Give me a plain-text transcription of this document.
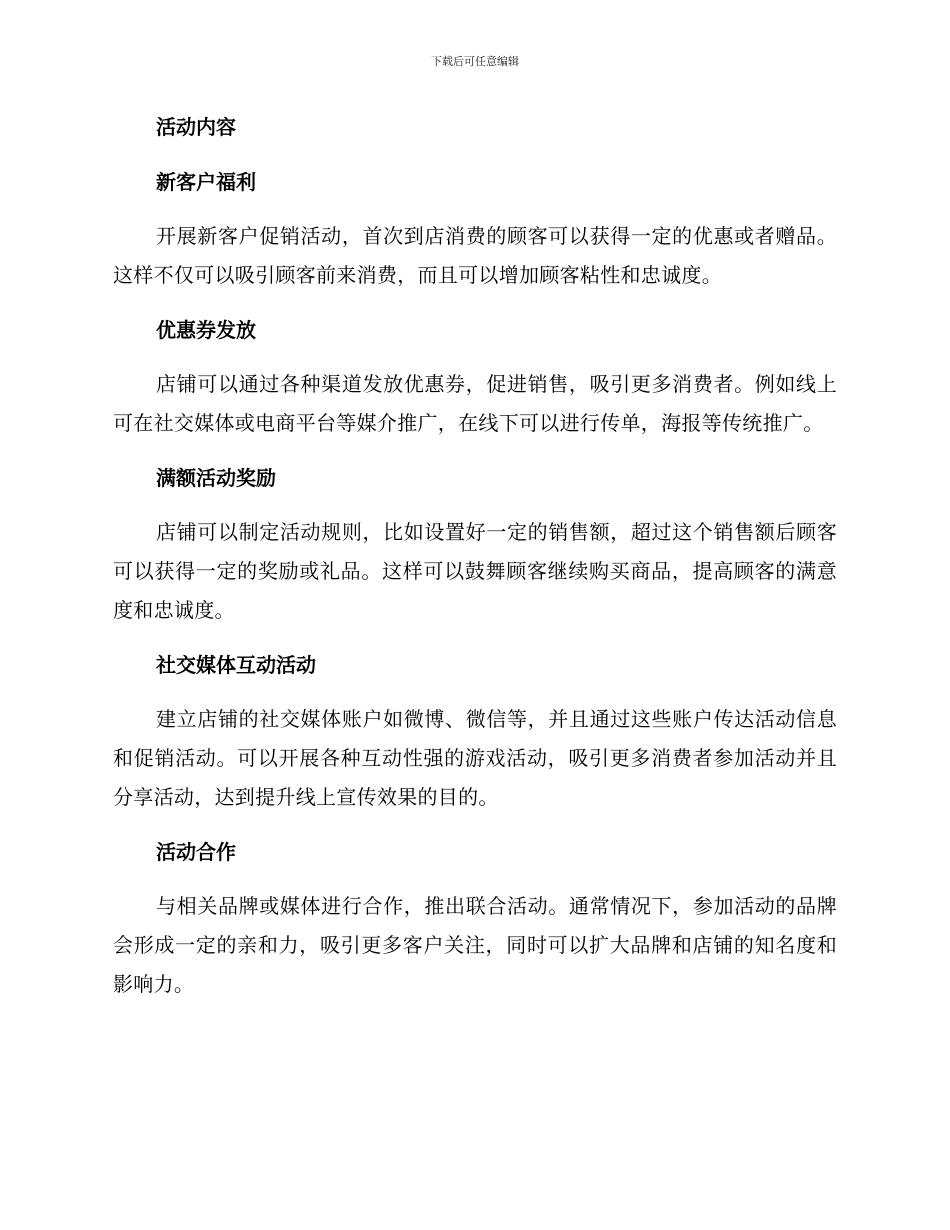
下载后可任意编辑
活动内容
新客户福利

开展新客户促销活动，首次到店消费的顾客可以获得一定的优惠或者赠品。这样不仅可以吸引顾客前来消费，而且可以增加顾客粘性和忠诚度。

优惠券发放

店铺可以通过各种渠道发放优惠券，促进销售，吸引更多消费者。例如线上可在社交媒体或电商平台等媒介推广，在线下可以进行传单，海报等传统推广。

满额活动奖励

店铺可以制定活动规则，比如设置好一定的销售额，超过这个销售额后顾客可以获得一定的奖励或礼品。这样可以鼓舞顾客继续购买商品，提高顾客的满意度和忠诚度。

社交媒体互动活动

建立店铺的社交媒体账户如微博、微信等，并且通过这些账户传达活动信息和促销活动。可以开展各种互动性强的游戏活动，吸引更多消费者参加活动并且分享活动，达到提升线上宣传效果的目的。

活动合作

与相关品牌或媒体进行合作，推出联合活动。通常情况下，参加活动的品牌会形成一定的亲和力，吸引更多客户关注，同时可以扩大品牌和店铺的知名度和影响力。
